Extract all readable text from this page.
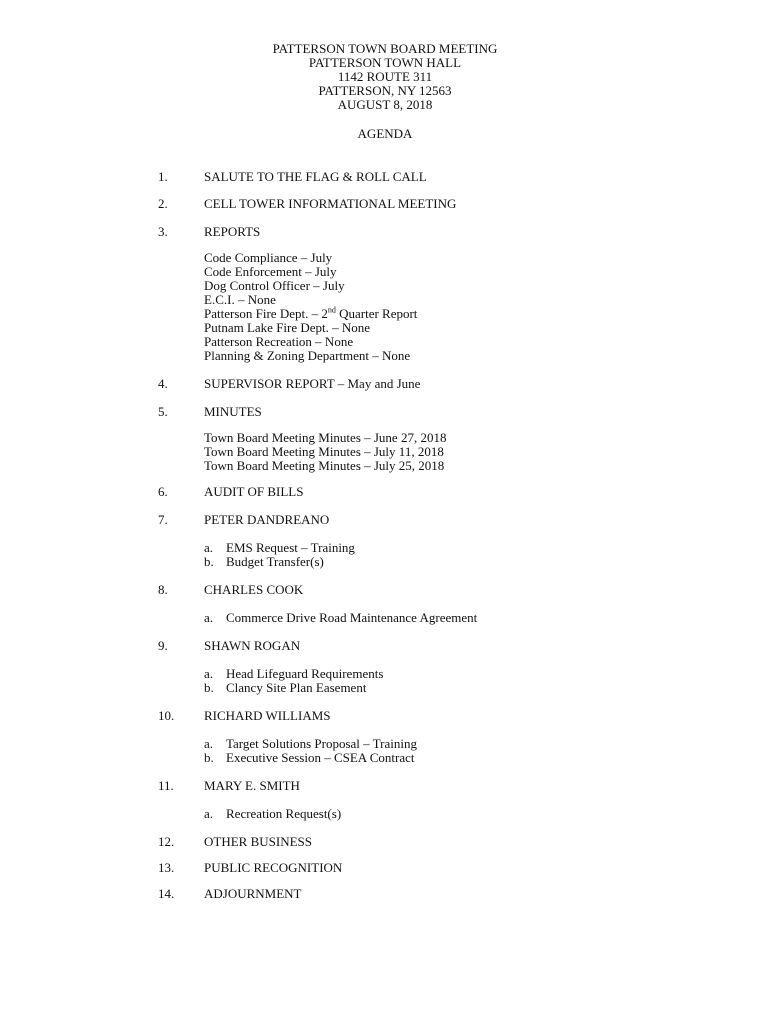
PATTERSON TOWN BOARD MEETING
PATTERSON TOWN HALL
1142 ROUTE 311
PATTERSON, NY 12563
AUGUST 8, 2018
AGENDA
1.	SALUTE TO THE FLAG & ROLL CALL
2.	CELL TOWER INFORMATIONAL MEETING
3.	REPORTS
Code Compliance – July
Code Enforcement – July
Dog Control Officer – July
E.C.I. – None
Patterson Fire Dept. – 2nd Quarter Report
Putnam Lake Fire Dept. – None
Patterson Recreation – None
Planning & Zoning Department – None
4.	SUPERVISOR REPORT – May and June
5.	MINUTES
Town Board Meeting Minutes – June 27, 2018
Town Board Meeting Minutes – July 11, 2018
Town Board Meeting Minutes – July 25, 2018
6.	AUDIT OF BILLS
7.	PETER DANDREANO
a. EMS Request – Training
b. Budget Transfer(s)
8.	CHARLES COOK
a. Commerce Drive Road Maintenance Agreement
9.	SHAWN ROGAN
a. Head Lifeguard Requirements
b. Clancy Site Plan Easement
10. RICHARD WILLIAMS
a. Target Solutions Proposal – Training
b. Executive Session – CSEA Contract
11. MARY E. SMITH
a. Recreation Request(s)
12. OTHER BUSINESS
13. PUBLIC RECOGNITION
14. ADJOURNMENT
